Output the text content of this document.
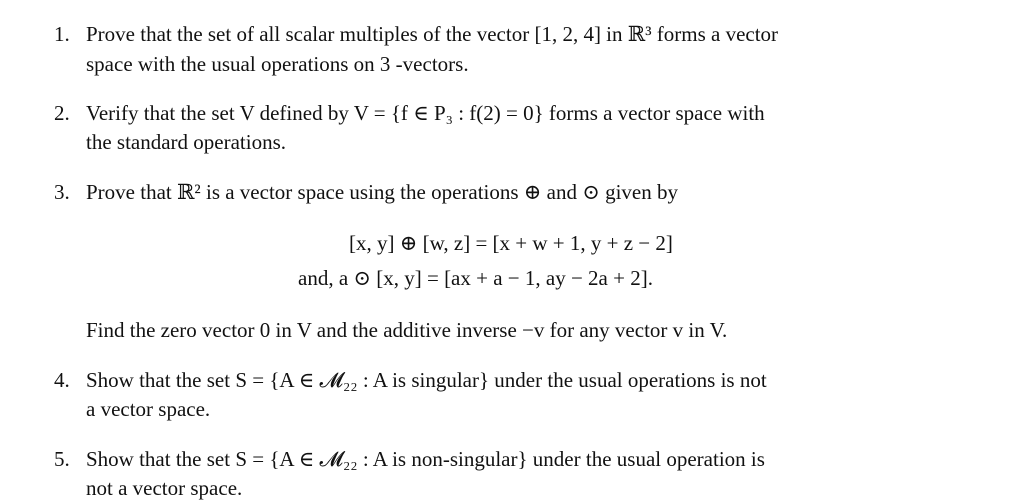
1. Prove that the set of all scalar multiples of the vector [1, 2, 4] in ℝ³ forms a vector
space with the usual operations on 3 -vectors.
2. Verify that the set V defined by V = {f ∈ P₃ : f(2) = 0} forms a vector space with
the standard operations.
3. Prove that ℝ² is a vector space using the operations ⊕ and ⊙ given by
[x, y] ⊕ [w, z] = [x + w + 1, y + z − 2]
and, a ⊙ [x, y] = [ax + a − 1, ay − 2a + 2].
Find the zero vector 0 in V and the additive inverse −v for any vector v in V.
4. Show that the set S = {A ∈ 𝓜₂₂ : A is singular} under the usual operations is not
a vector space.
5. Show that the set S = {A ∈ 𝓜₂₂ : A is non-singular} under the usual operation is
not a vector space.
